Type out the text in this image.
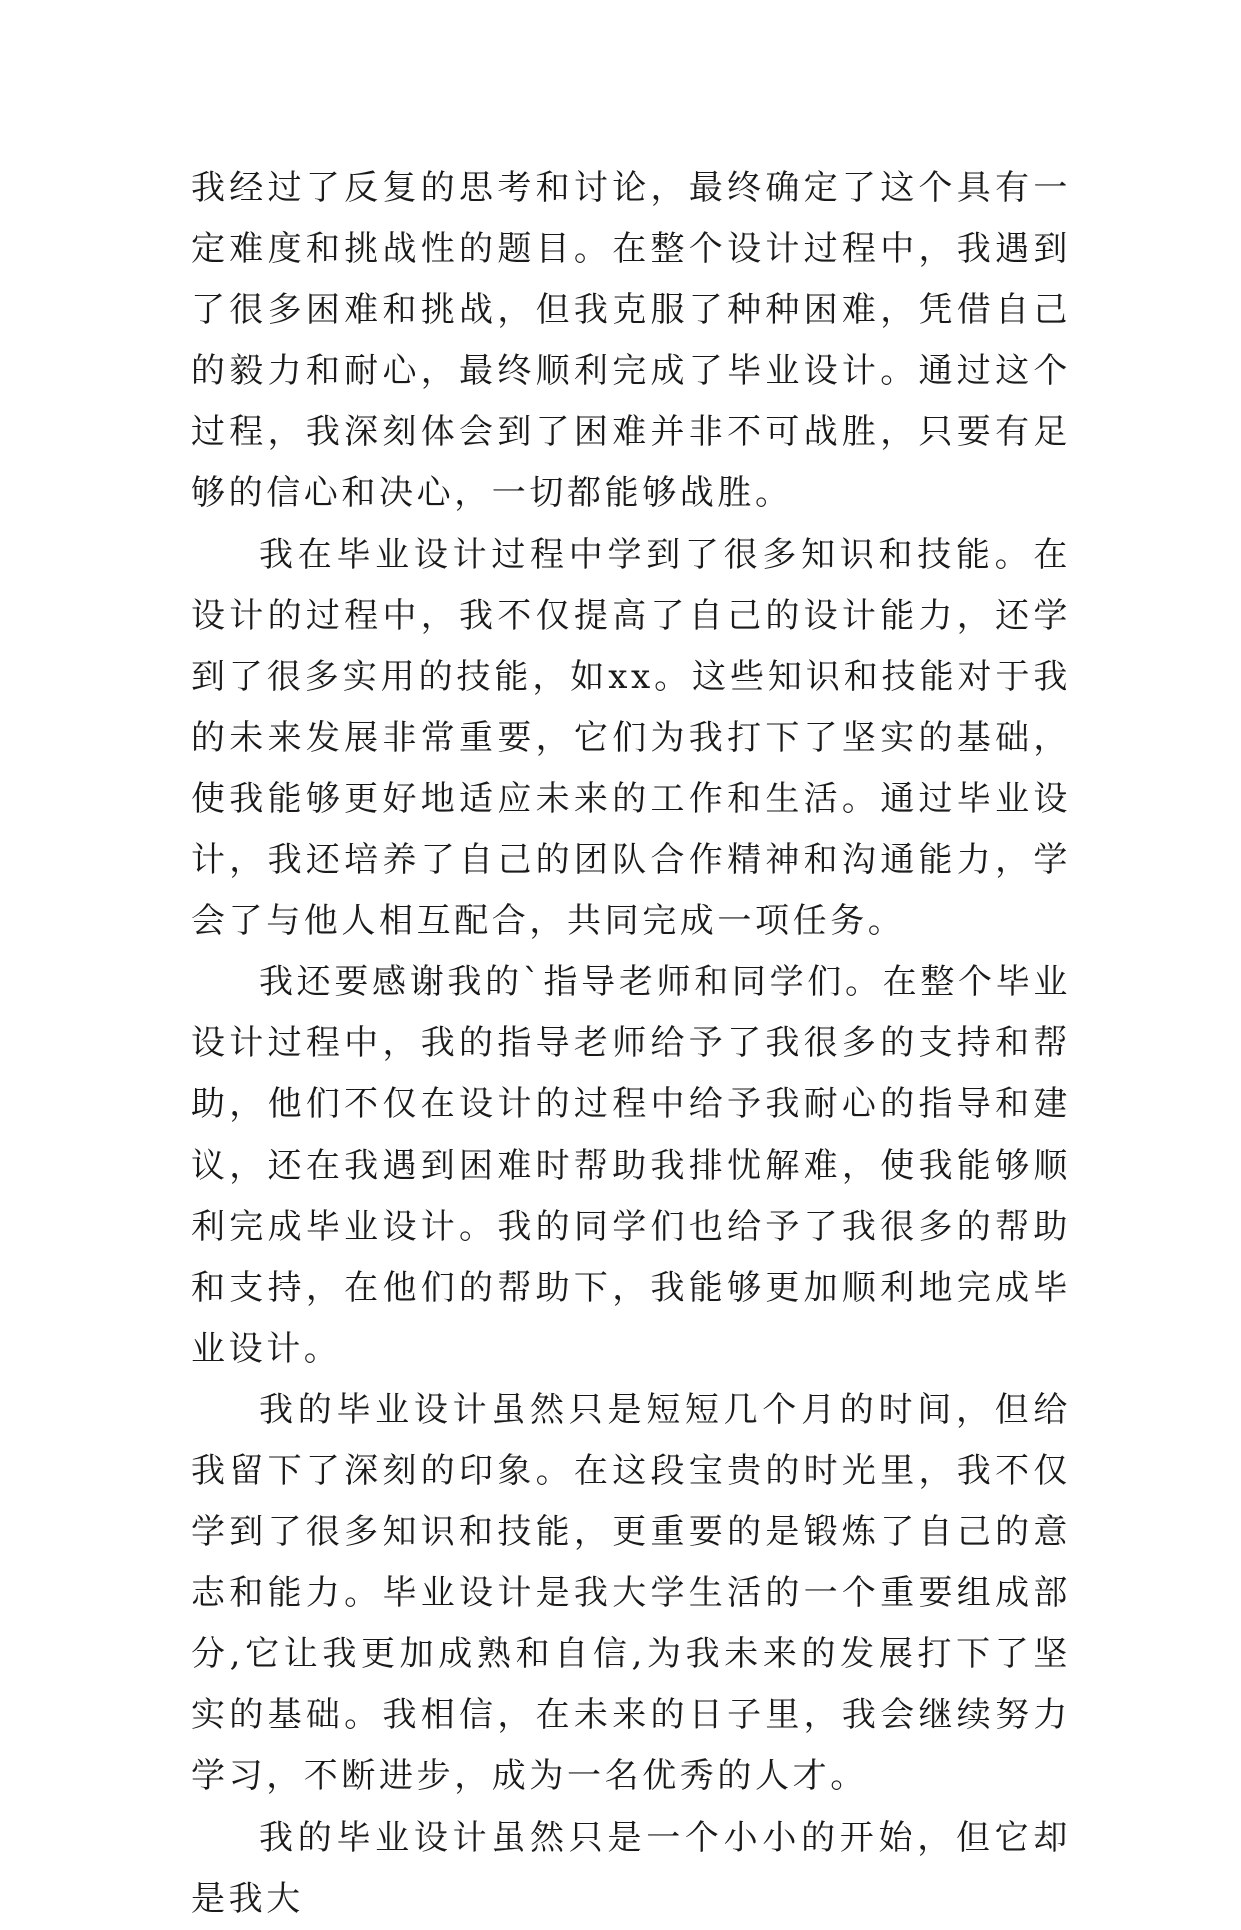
我经过了反复的思考和讨论，最终确定了这个具有一定难度和挑战性的题目。在整个设计过程中，我遇到了很多困难和挑战，但我克服了种种困难，凭借自己的毅力和耐心，最终顺利完成了毕业设计。通过这个过程，我深刻体会到了困难并非不可战胜，只要有足够的信心和决心，一切都能够战胜。

我在毕业设计过程中学到了很多知识和技能。在设计的过程中，我不仅提高了自己的设计能力，还学到了很多实用的技能，如xx。这些知识和技能对于我的未来发展非常重要，它们为我打下了坚实的基础，使我能够更好地适应未来的工作和生活。通过毕业设计，我还培养了自己的团队合作精神和沟通能力，学会了与他人相互配合，共同完成一项任务。

我还要感谢我的`指导老师和同学们。在整个毕业设计过程中，我的指导老师给予了我很多的支持和帮助，他们不仅在设计的过程中给予我耐心的指导和建议，还在我遇到困难时帮助我排忧解难，使我能够顺利完成毕业设计。我的同学们也给予了我很多的帮助和支持，在他们的帮助下，我能够更加顺利地完成毕业设计。

我的毕业设计虽然只是短短几个月的时间，但给我留下了深刻的印象。在这段宝贵的时光里，我不仅学到了很多知识和技能，更重要的是锻炼了自己的意志和能力。毕业设计是我大学生活的一个重要组成部分,它让我更加成熟和自信,为我未来的发展打下了坚实的基础。我相信，在未来的日子里，我会继续努力学习，不断进步，成为一名优秀的人才。

我的毕业设计虽然只是一个小小的开始，但它却是我大
